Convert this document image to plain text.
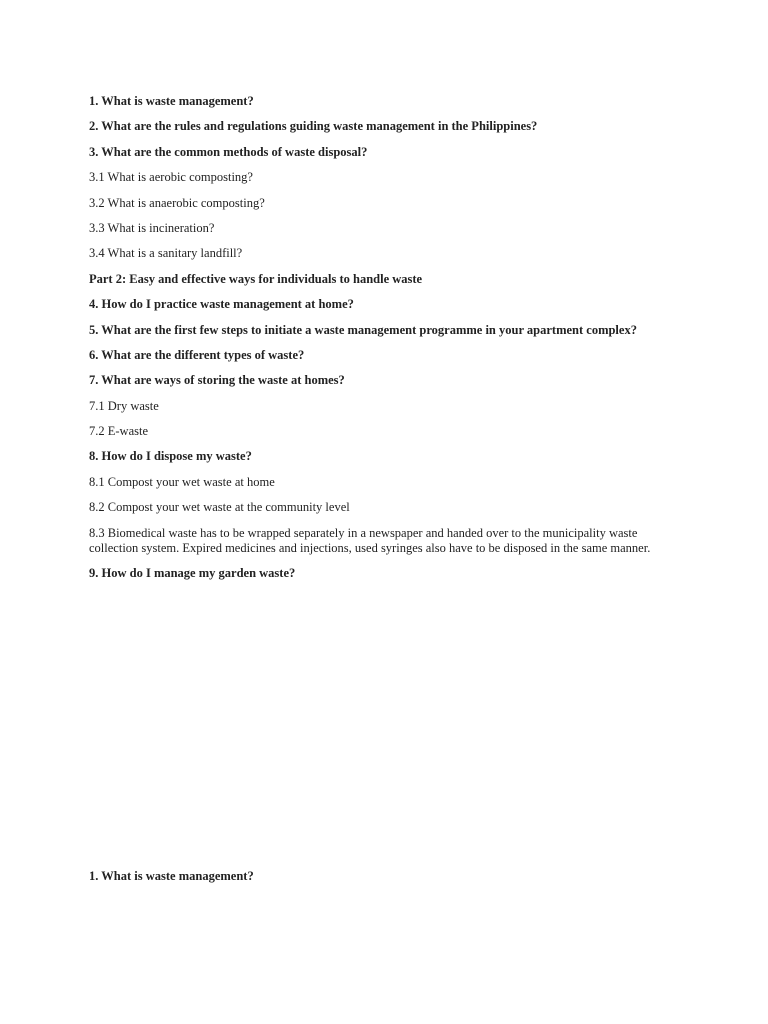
1. What is waste management?
2. What are the rules and regulations guiding waste management in the Philippines?
3. What are the common methods of waste disposal?
3.1 What is aerobic composting?
3.2 What is anaerobic composting?
3.3 What is incineration?
3.4 What is a sanitary landfill?
Part 2: Easy and effective ways for individuals to handle waste
4. How do I practice waste management at home?
5. What are the first few steps to initiate a waste management programme in your apartment complex?
6. What are the different types of waste?
7. What are ways of storing the waste at homes?
7.1 Dry waste
7.2 E-waste
8. How do I dispose my waste?
8.1 Compost your wet waste at home
8.2 Compost your wet waste at the community level
8.3 Biomedical waste has to be wrapped separately in a newspaper and handed over to the municipality waste collection system. Expired medicines and injections, used syringes also have to be disposed in the same manner.
9. How do I manage my garden waste?
1. What is waste management?
